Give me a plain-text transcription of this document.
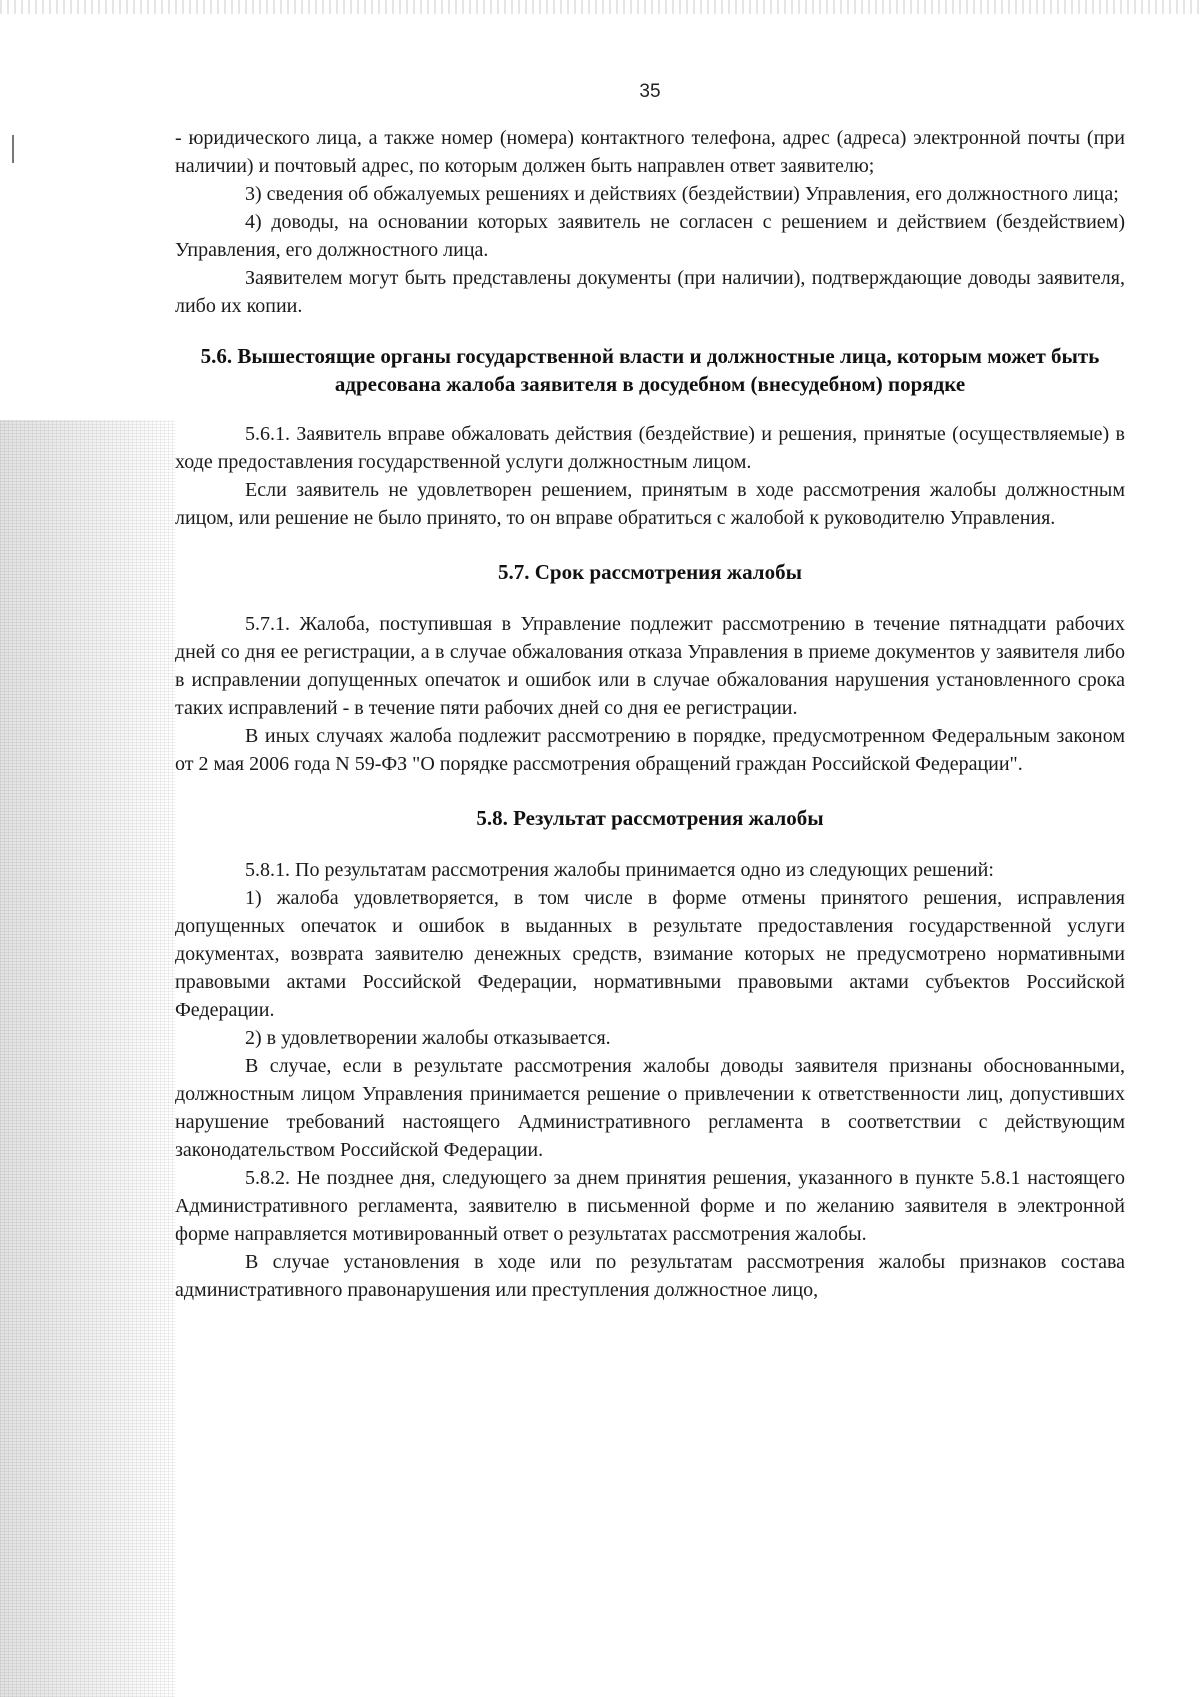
35

- юридического лица, а также номер (номера) контактного телефона, адрес (адреса) электронной почты (при наличии) и почтовый адрес, по которым должен быть направлен ответ заявителю;

3) сведения об обжалуемых решениях и действиях (бездействии) Управления, его должностного лица;

4) доводы, на основании которых заявитель не согласен с решением и действием (бездействием) Управления, его должностного лица.

Заявителем могут быть представлены документы (при наличии), подтверждающие доводы заявителя, либо их копии.

5.6. Вышестоящие органы государственной власти и должностные лица, которым может быть адресована жалоба заявителя в досудебном (внесудебном) порядке

5.6.1. Заявитель вправе обжаловать действия (бездействие) и решения, принятые (осуществляемые) в ходе предоставления государственной услуги должностным лицом.

Если заявитель не удовлетворен решением, принятым в ходе рассмотрения жалобы должностным лицом, или решение не было принято, то он вправе обратиться с жалобой к руководителю Управления.

5.7. Срок рассмотрения жалобы

5.7.1. Жалоба, поступившая в Управление подлежит рассмотрению в течение пятнадцати рабочих дней со дня ее регистрации, а в случае обжалования отказа Управления в приеме документов у заявителя либо в исправлении допущенных опечаток и ошибок или в случае обжалования нарушения установленного срока таких исправлений - в течение пяти рабочих дней со дня ее регистрации.

В иных случаях жалоба подлежит рассмотрению в порядке, предусмотренном Федеральным законом от 2 мая 2006 года N 59-ФЗ "О порядке рассмотрения обращений граждан Российской Федерации".

5.8. Результат рассмотрения жалобы

5.8.1. По результатам рассмотрения жалобы принимается одно из следующих решений:

1) жалоба удовлетворяется, в том числе в форме отмены принятого решения, исправления допущенных опечаток и ошибок в выданных в результате предоставления государственной услуги документах, возврата заявителю денежных средств, взимание которых не предусмотрено нормативными правовыми актами Российской Федерации, нормативными правовыми актами субъектов Российской Федерации.

2) в удовлетворении жалобы отказывается.

В случае, если в результате рассмотрения жалобы доводы заявителя признаны обоснованными, должностным лицом Управления принимается решение о привлечении к ответственности лиц, допустивших нарушение требований настоящего Административного регламента в соответствии с действующим законодательством Российской Федерации.

5.8.2. Не позднее дня, следующего за днем принятия решения, указанного в пункте 5.8.1 настоящего Административного регламента, заявителю в письменной форме и по желанию заявителя в электронной форме направляется мотивированный ответ о результатах рассмотрения жалобы.

В случае установления в ходе или по результатам рассмотрения жалобы признаков состава административного правонарушения или преступления должностное лицо,
